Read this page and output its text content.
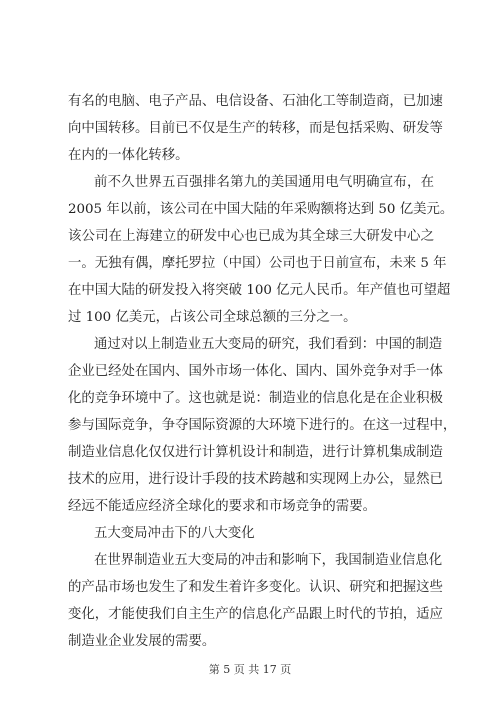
有名的电脑、电子产品、电信设备、石油化工等制造商，已加速
向中国转移。目前已不仅是生产的转移，而是包括采购、研发等
在内的一体化转移。
前不久世界五百强排名第九的美国通用电气明确宣布，在
2005 年以前，该公司在中国大陆的年采购额将达到 50 亿美元。
该公司在上海建立的研发中心也已成为其全球三大研发中心之
一。无独有偶，摩托罗拉（中国）公司也于日前宣布，未来 5 年
在中国大陆的研发投入将突破 100 亿元人民币。年产值也可望超
过 100 亿美元，占该公司全球总额的三分之一。
通过对以上制造业五大变局的研究，我们看到：中国的制造
企业已经处在国内、国外市场一体化、国内、国外竞争对手一体
化的竞争环境中了。这也就是说：制造业的信息化是在企业积极
参与国际竞争，争夺国际资源的大环境下进行的。在这一过程中，
制造业信息化仅仅进行计算机设计和制造，进行计算机集成制造
技术的应用，进行设计手段的技术跨越和实现网上办公，显然已
经远不能适应经济全球化的要求和市场竞争的需要。
五大变局冲击下的八大变化
在世界制造业五大变局的冲击和影响下，我国制造业信息化
的产品市场也发生了和发生着许多变化。认识、研究和把握这些
变化，才能使我们自主生产的信息化产品跟上时代的节拍，适应
制造业企业发展的需要。
第 5 页 共 17 页
